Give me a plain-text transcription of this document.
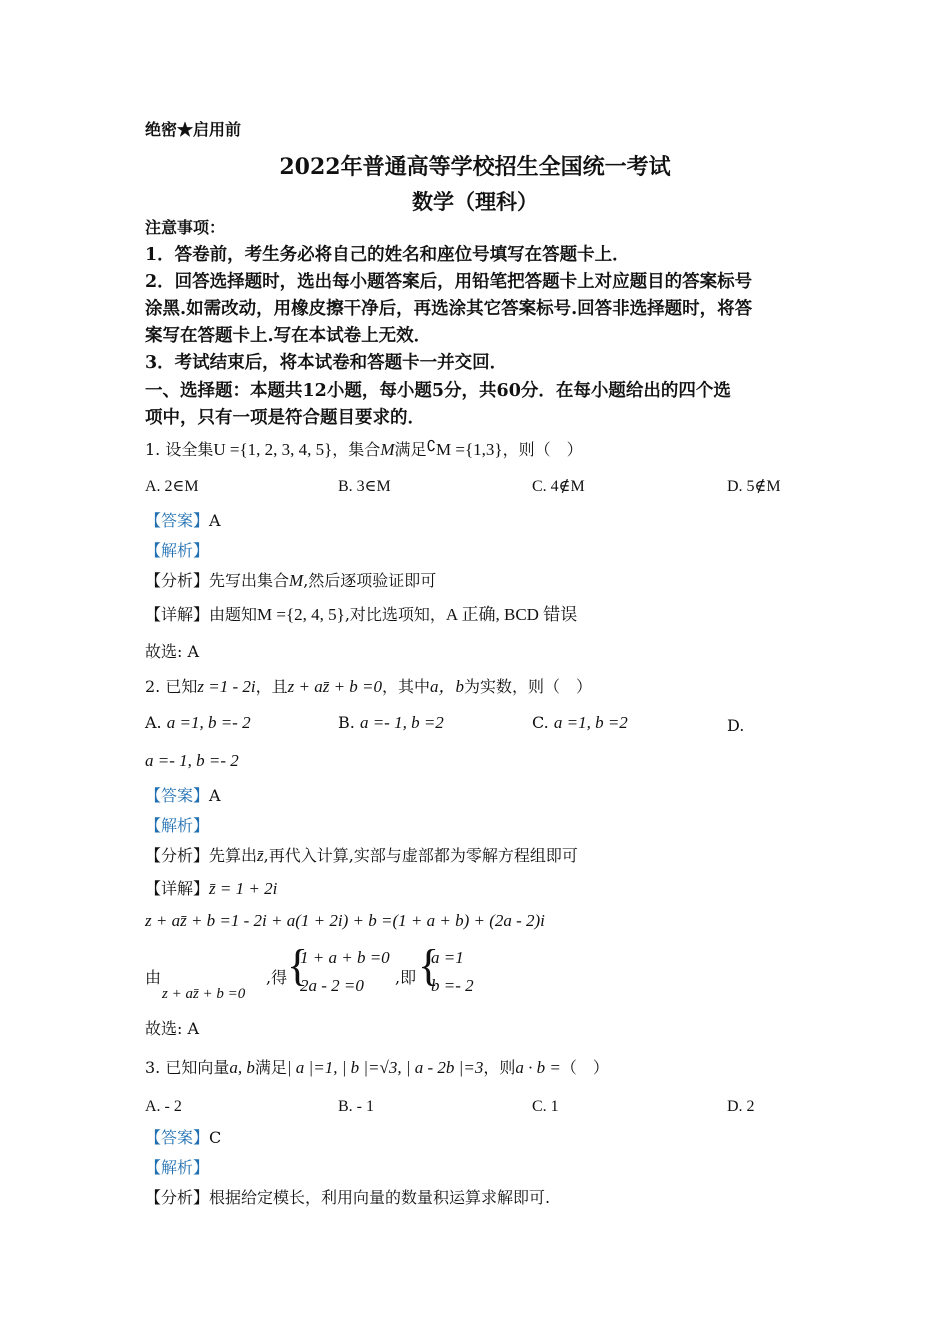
绝密★启用前
2022年普通高等学校招生全国统一考试
数学（理科）
注意事项：
1．答卷前，考生务必将自己的姓名和座位号填写在答题卡上．
2．回答选择题时，选出每小题答案后，用铅笔把答题卡上对应题目的答案标号
涂黑.如需改动，用橡皮擦干净后，再选涂其它答案标号.回答非选择题时，将答
案写在答题卡上.写在本试卷上无效．
3．考试结束后，将本试卷和答题卡一并交回．
一、选择题：本题共12小题，每小题5分，共60分．在每小题给出的四个选
项中，只有一项是符合题目要求的．
1. 设全集U ={1, 2, 3, 4, 5}，集合M满足∁M ={1,3}，则（　）
A. 2∈M	B. 3∈M	C. 4∉M	D. 5∉M
【答案】A
【解析】
【分析】先写出集合M,然后逐项验证即可
【详解】由题知M ={2, 4, 5},对比选项知，A 正确, BCD 错误
故选: A
2. 已知z =1 - 2i，且z + az̄ + b =0，其中a，b为实数，则（　）
A. a =1, b =- 2	B. a =- 1, b =2	C. a =1, b =2	D.
a =- 1, b =- 2
【答案】A
【解析】
【分析】先算出z̄,再代入计算,实部与虚部都为零解方程组即可
【详解】z̄ = 1 + 2i
z + az̄ + b =1 - 2i + a(1 + 2i) + b =(1 + a + b) + (2a - 2)i
由
z + az̄ + b =0
,得 {
1 + a + b =0
2a - 2 =0 ,即 {
a =1
b =- 2
故选: A
3. 已知向量a, b满足| a |=1, | b |=√3, | a - 2b |=3，则a · b =（　）
A. - 2	B. - 1	C. 1	D. 2
【答案】C
【解析】
【分析】根据给定模长，利用向量的数量积运算求解即可.
